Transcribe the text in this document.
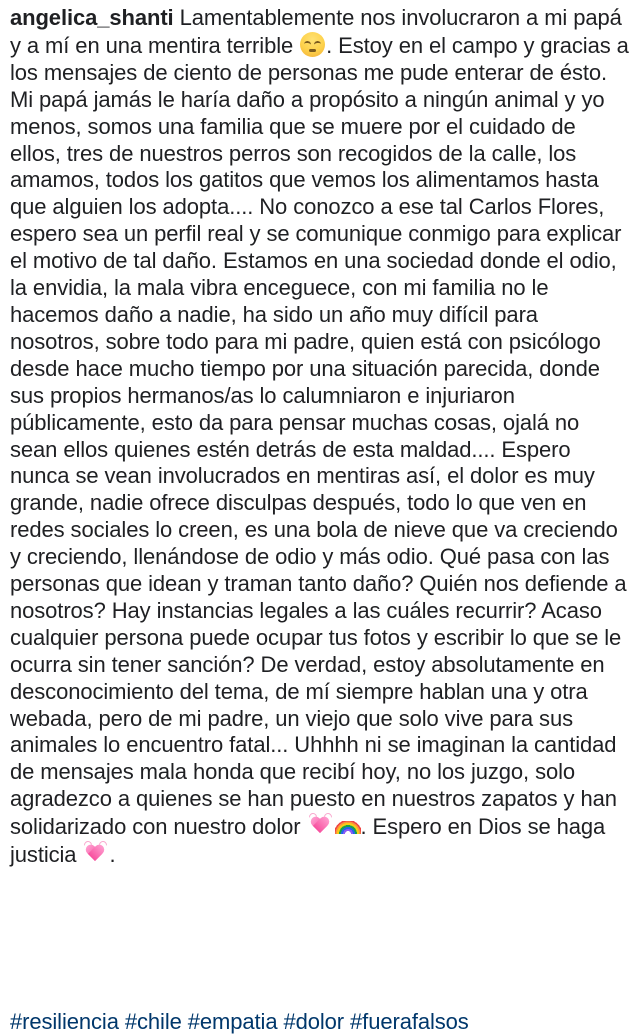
angelica_shanti Lamentablemente nos involucraron a mi papá y a mí en una mentira terrible
. Estoy en el campo y gracias a los mensajes de ciento de personas me pude enterar de ésto. Mi papá jamás le haría daño a propósito a ningún animal y yo menos, somos una familia que se muere por el cuidado de ellos, tres de nuestros perros son recogidos de la calle, los amamos, todos los gatitos que vemos los alimentamos hasta que alguien los adopta.... No conozco a ese tal Carlos Flores, espero sea un perfil real y se comunique conmigo para explicar el motivo de tal daño. Estamos en una sociedad donde el odio, la envidia, la mala vibra enceguece, con mi familia no le hacemos daño a nadie, ha sido un año muy difícil para nosotros, sobre todo para mi padre, quien está con psicólogo desde hace mucho tiempo por una situación parecida, donde sus propios hermanos/as lo calumniaron e injuriaron públicamente, esto da para pensar muchas cosas, ojalá no sean ellos quienes estén detrás de esta maldad.... Espero nunca se vean involucrados en mentiras así, el dolor es muy grande, nadie ofrece disculpas después, todo lo que ven en redes sociales lo creen, es una bola de nieve que va creciendo y creciendo, llenándose de odio y más odio. Qué pasa con las personas que idean y traman tanto daño? Quién nos defiende a nosotros? Hay instancias legales a las cuáles recurrir? Acaso cualquier persona puede ocupar tus fotos y escribir lo que se le ocurra sin tener sanción? De verdad, estoy absolutamente en desconocimiento del tema, de mí siempre hablan una y otra webada, pero de mi padre, un viejo que solo vive para sus animales lo encuentro fatal... Uhhhh ni se imaginan la cantidad de mensajes mala honda que recibí hoy, no los juzgo, solo agradezco a quienes se han puesto en nuestros zapatos y han solidarizado con nuestro dolor
. Espero en Dios se haga justicia
.
#resiliencia #chile #empatia #dolor #fuerafalsos
